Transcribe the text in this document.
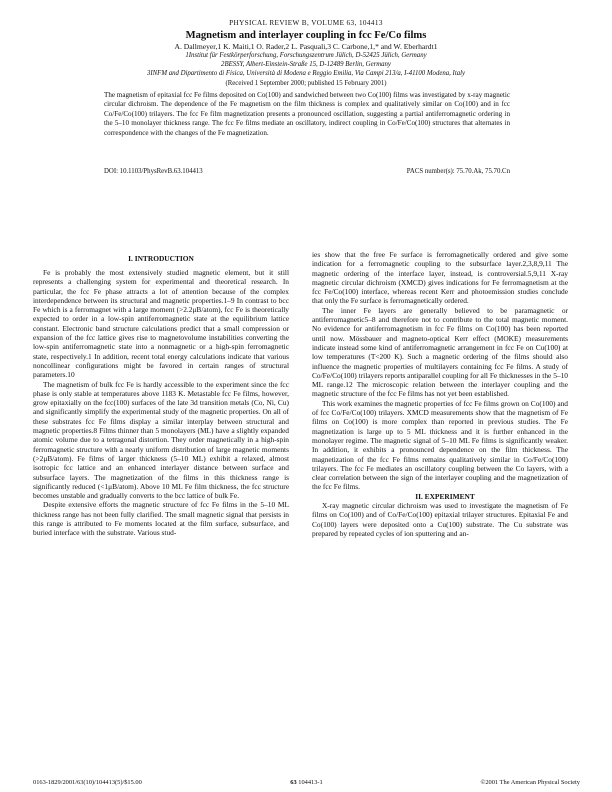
PHYSICAL REVIEW B, VOLUME 63, 104413
Magnetism and interlayer coupling in fcc Fe/Co films
A. Dallmeyer,1 K. Maiti,1 O. Rader,2 L. Pasquali,3 C. Carbone,1,* and W. Eberhardt1
1Institut für Festkörperforschung, Forschungszentrum Jülich, D-52425 Jülich, Germany
2BESSY, Albert-Einstein-Straße 15, D-12489 Berlin, Germany
3INFM and Dipartimento di Fisica, Università di Modena e Reggio Emilia, Via Campi 213/a, I-41100 Modena, Italy
(Received 1 September 2000; published 15 February 2001)
The magnetism of epitaxial fcc Fe films deposited on Co(100) and sandwiched between two Co(100) films was investigated by x-ray magnetic circular dichroism. The dependence of the Fe magnetism on the film thickness is complex and qualitatively similar on Co(100) and in fcc Co/Fe/Co(100) trilayers. The fcc Fe film magnetization presents a pronounced oscillation, suggesting a partial antiferromagnetic ordering in the 5–10 monolayer thickness range. The fcc Fe films mediate an oscillatory, indirect coupling in Co/Fe/Co(100) structures that alternates in correspondence with the changes of the Fe magnetization.
DOI: 10.1103/PhysRevB.63.104413	PACS number(s): 75.70.Ak, 75.70.Cn

I. INTRODUCTION

Fe is probably the most extensively studied magnetic element, but it still represents a challenging system for experimental and theoretical research. In particular, the fcc Fe phase attracts a lot of attention because of the complex interdependence between its structural and magnetic properties.1–9 In contrast to bcc Fe which is a ferromagnet with a large moment (>2.2μB/atom), fcc Fe is theoretically expected to order in a low-spin antiferromagnetic state at the equilibrium lattice constant. Electronic band structure calculations predict that a small compression or expansion of the fcc lattice gives rise to magnetovolume instabilities converting the low-spin antiferromagnetic state into a nonmagnetic or a high-spin ferromagnetic state, respectively.1 In addition, recent total energy calculations indicate that various noncollinear configurations might be favored in certain ranges of structural parameters.10

The magnetism of bulk fcc Fe is hardly accessible to the experiment since the fcc phase is only stable at temperatures above 1183 K. Metastable fcc Fe films, however, grow epitaxially on the fcc(100) surfaces of the late 3d transition metals (Co, Ni, Cu) and significantly simplify the experimental study of the magnetic properties. On all of these substrates fcc Fe films display a similar interplay between structural and magnetic properties.8 Films thinner than 5 monolayers (ML) have a slightly expanded atomic volume due to a tetragonal distortion. They order magnetically in a high-spin ferromagnetic structure with a nearly uniform distribution of large magnetic moments (>2μB/atom). Fe films of larger thickness (5–10 ML) exhibit a relaxed, almost isotropic fcc lattice and an enhanced interlayer distance between surface and subsurface layers. The magnetization of the films in this thickness range is significantly reduced (<1μB/atom). Above 10 ML Fe film thickness, the fcc structure becomes unstable and gradually converts to the bcc lattice of bulk Fe.

Despite extensive efforts the magnetic structure of fcc Fe films in the 5–10 ML thickness range has not been fully clarified. The small magnetic signal that persists in this range is attributed to Fe moments located at the film surface, subsurface, and buried interface with the substrate. Various stud-

ies show that the free Fe surface is ferromagnetically ordered and give some indication for a ferromagnetic coupling to the subsurface layer.2,3,8,9,11 The magnetic ordering of the interface layer, instead, is controversial.5,9,11 X-ray magnetic circular dichroism (XMCD) gives indications for Fe ferromagnetism at the fcc Fe/Co(100) interface, whereas recent Kerr and photoemission studies conclude that only the Fe surface is ferromagnetically ordered.

The inner Fe layers are generally believed to be paramagnetic or antiferromagnetic5–8 and therefore not to contribute to the total magnetic moment. No evidence for antiferromagnetism in fcc Fe films on Co(100) has been reported until now. Mössbauer and magneto-optical Kerr effect (MOKE) measurements indicate instead some kind of antiferromagnetic arrangement in fcc Fe on Cu(100) at low temperatures (T<200 K). Such a magnetic ordering of the films should also influence the magnetic properties of multilayers containing fcc Fe films. A study of Co/Fe/Co(100) trilayers reports antiparallel coupling for all Fe thicknesses in the 5–10 ML range.12 The microscopic relation between the interlayer coupling and the magnetic structure of the fcc Fe films has not yet been established.

This work examines the magnetic properties of fcc Fe films grown on Co(100) and of fcc Co/Fe/Co(100) trilayers. XMCD measurements show that the magnetism of Fe films on Co(100) is more complex than reported in previous studies. The Fe magnetization is large up to 5 ML thickness and it is further enhanced in the monolayer regime. The magnetic signal of 5–10 ML Fe films is significantly weaker. In addition, it exhibits a pronounced dependence on the film thickness. The magnetization of the fcc Fe films remains qualitatively similar in Co/Fe/Co(100) trilayers. The fcc Fe mediates an oscillatory coupling between the Co layers, with a clear correlation between the sign of the interlayer coupling and the magnetization of the fcc Fe films.

II. EXPERIMENT

X-ray magnetic circular dichroism was used to investigate the magnetism of Fe films on Co(100) and of Co/Fe/Co(100) epitaxial trilayer structures. Epitaxial Fe and Co(100) layers were deposited onto a Cu(100) substrate. The Cu substrate was prepared by repeated cycles of ion sputtering and an-

0163-1829/2001/63(10)/104413(5)/$15.00	63 104413-1	©2001 The American Physical Society
